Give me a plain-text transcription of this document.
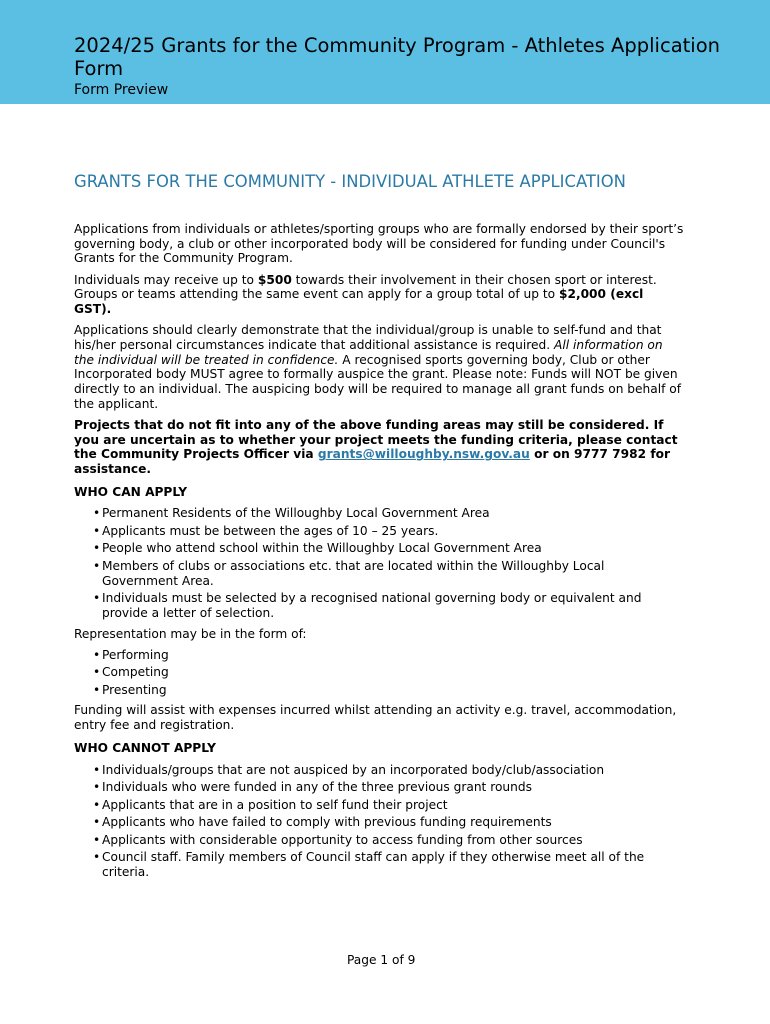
2024/25 Grants for the Community Program - Athletes Application Form
Form Preview
GRANTS FOR THE COMMUNITY - INDIVIDUAL ATHLETE APPLICATION

Applications from individuals or athletes/sporting groups who are formally endorsed by their sport’s governing body, a club or other incorporated body will be considered for funding under Council's Grants for the Community Program.

Individuals may receive up to $500 towards their involvement in their chosen sport or interest. Groups or teams attending the same event can apply for a group total of up to $2,000 (excl GST).

Applications should clearly demonstrate that the individual/group is unable to self-fund and that his/her personal circumstances indicate that additional assistance is required. All information on the individual will be treated in confidence. A recognised sports governing body, Club or other Incorporated body MUST agree to formally auspice the grant. Please note: Funds will NOT be given directly to an individual. The auspicing body will be required to manage all grant funds on behalf of the applicant.

Projects that do not fit into any of the above funding areas may still be considered. If you are uncertain as to whether your project meets the funding criteria, please contact the Community Projects Officer via grants@willoughby.nsw.gov.au or on 9777 7982 for assistance.

WHO CAN APPLY
• Permanent Residents of the Willoughby Local Government Area
• Applicants must be between the ages of 10 – 25 years.
• People who attend school within the Willoughby Local Government Area
• Members of clubs or associations etc. that are located within the Willoughby Local Government Area.
• Individuals must be selected by a recognised national governing body or equivalent and provide a letter of selection.

Representation may be in the form of:

• Performing
• Competing
• Presenting

Funding will assist with expenses incurred whilst attending an activity e.g. travel, accommodation, entry fee and registration.

WHO CANNOT APPLY
• Individuals/groups that are not auspiced by an incorporated body/club/association
• Individuals who were funded in any of the three previous grant rounds
• Applicants that are in a position to self fund their project
• Applicants who have failed to comply with previous funding requirements
• Applicants with considerable opportunity to access funding from other sources
• Council staff. Family members of Council staff can apply if they otherwise meet all of the criteria.
Page 1 of 9
